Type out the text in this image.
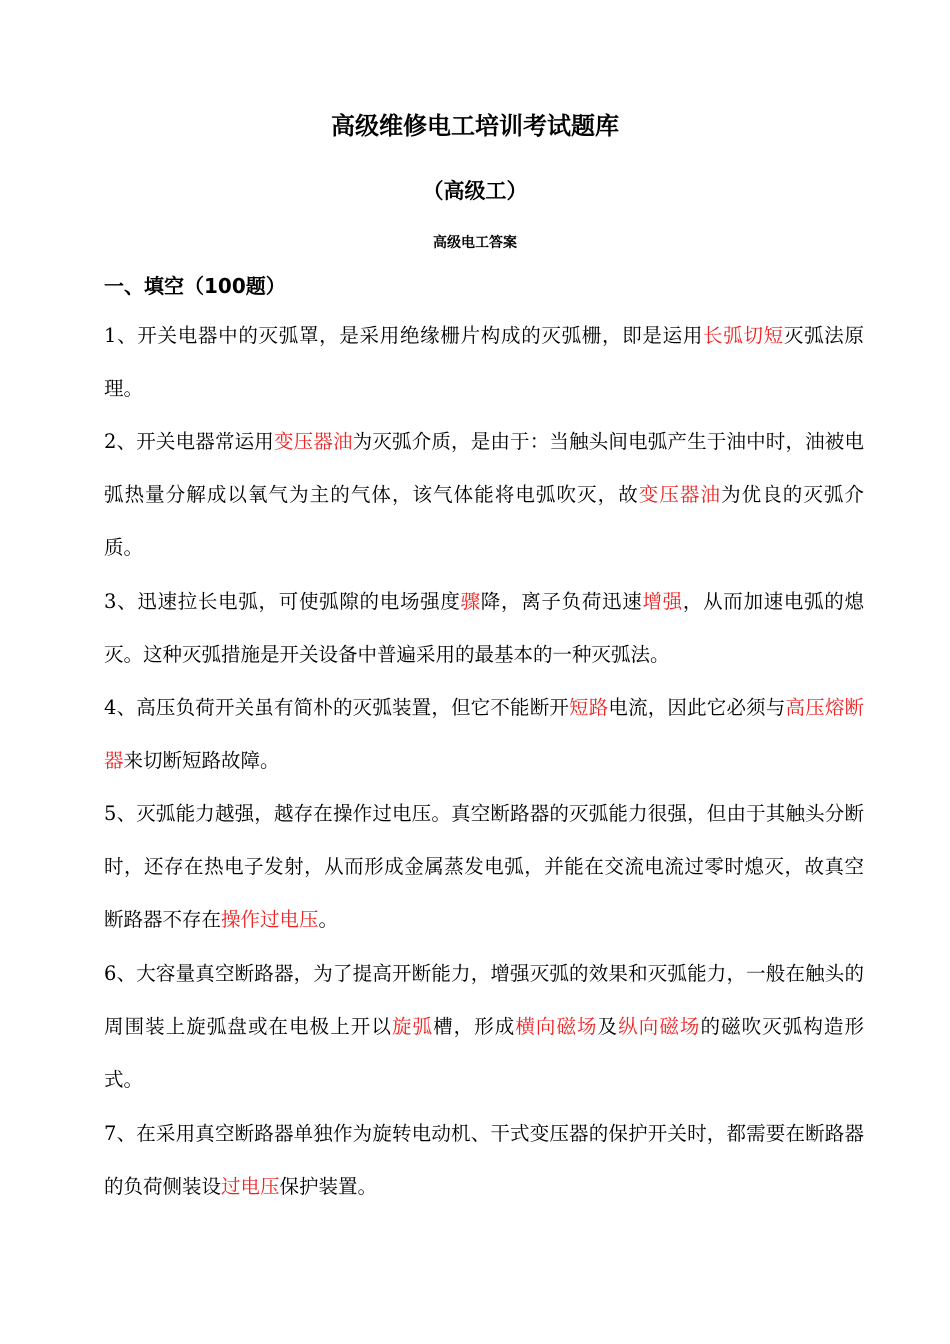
高级维修电工培训考试题库
（高级工）
高级电工答案
一、填空（100题）
1、开关电器中的灭弧罩，是采用绝缘栅片构成的灭弧栅，即是运用长弧切短灭弧法原理。
2、开关电器常运用变压器油为灭弧介质，是由于：当触头间电弧产生于油中时，油被电弧热量分解成以氧气为主的气体，该气体能将电弧吹灭，故变压器油为优良的灭弧介质。
3、迅速拉长电弧，可使弧隙的电场强度骤降，离子负荷迅速增强，从而加速电弧的熄灭。这种灭弧措施是开关设备中普遍采用的最基本的一种灭弧法。
4、高压负荷开关虽有简朴的灭弧装置，但它不能断开短路电流，因此它必须与高压熔断器来切断短路故障。
5、灭弧能力越强，越存在操作过电压。真空断路器的灭弧能力很强，但由于其触头分断时，还存在热电子发射，从而形成金属蒸发电弧，并能在交流电流过零时熄灭，故真空断路器不存在操作过电压。
6、大容量真空断路器，为了提高开断能力，增强灭弧的效果和灭弧能力，一般在触头的周围装上旋弧盘或在电极上开以旋弧槽，形成横向磁场及纵向磁场的磁吹灭弧构造形式。
7、在采用真空断路器单独作为旋转电动机、干式变压器的保护开关时，都需要在断路器的负荷侧装设过电压保护装置。
